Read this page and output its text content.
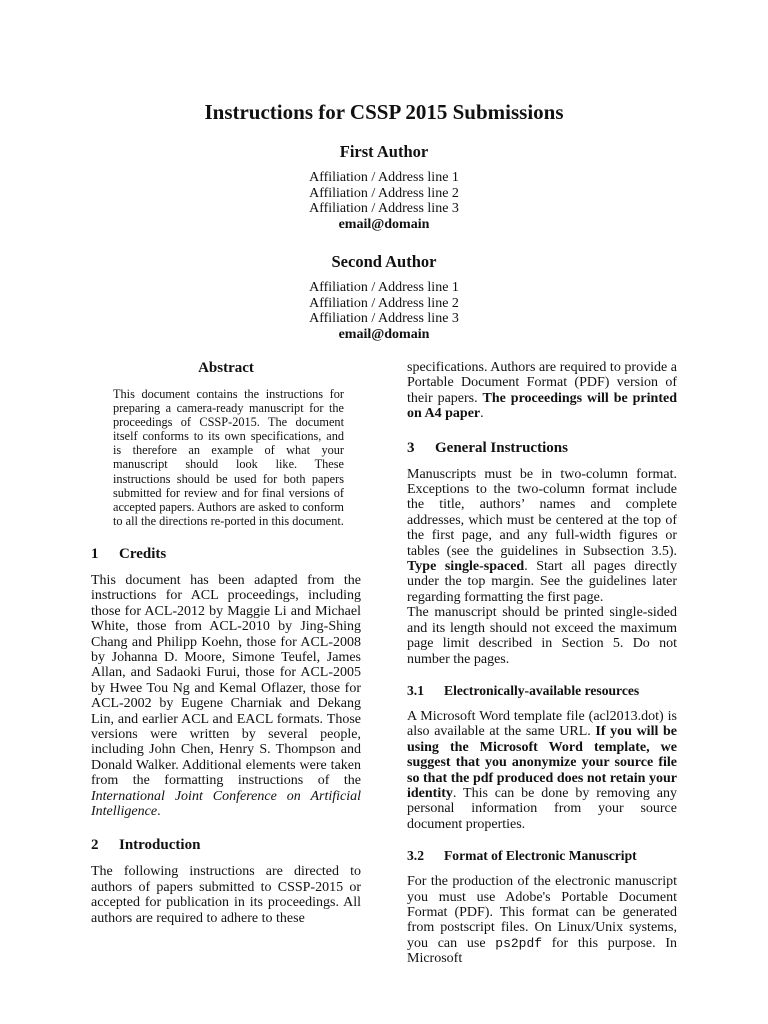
Instructions for CSSP 2015 Submissions
First Author
Affiliation / Address line 1
Affiliation / Address line 2
Affiliation / Address line 3
email@domain
Second Author
Affiliation / Address line 1
Affiliation / Address line 2
Affiliation / Address line 3
email@domain
Abstract

This document contains the instructions for preparing a camera-ready manuscript for the proceedings of CSSP-2015. The document itself conforms to its own specifications, and is therefore an example of what your manuscript should look like. These instructions should be used for both papers submitted for review and for final versions of accepted papers. Authors are asked to conform to all the directions re-ported in this document.

1 Credits

This document has been adapted from the instructions for ACL proceedings, including those for ACL-2012 by Maggie Li and Michael White, those from ACL-2010 by Jing-Shing Chang and Philipp Koehn, those for ACL-2008 by Johanna D. Moore, Simone Teufel, James Allan, and Sadaoki Furui, those for ACL-2005 by Hwee Tou Ng and Kemal Oflazer, those for ACL-2002 by Eugene Charniak and Dekang Lin, and earlier ACL and EACL formats. Those versions were written by several people, including John Chen, Henry S. Thompson and Donald Walker. Additional elements were taken from the formatting instructions of the International Joint Conference on Artificial Intelligence.

2 Introduction

The following instructions are directed to authors of papers submitted to CSSP-2015 or accepted for publication in its proceedings. All authors are required to adhere to these

specifications. Authors are required to provide a Portable Document Format (PDF) version of their papers. The proceedings will be printed on A4 paper.

3 General Instructions

Manuscripts must be in two-column format. Exceptions to the two-column format include the title, authors’ names and complete addresses, which must be centered at the top of the first page, and any full-width figures or tables (see the guidelines in Subsection 3.5). Type single-spaced. Start all pages directly under the top margin. See the guidelines later regarding formatting the first page.

The manuscript should be printed single-sided and its length should not exceed the maximum page limit described in Section 5. Do not number the pages.

3.1 Electronically-available resources

A Microsoft Word template file (acl2013.dot) is also available at the same URL. If you will be using the Microsoft Word template, we suggest that you anonymize your source file so that the pdf produced does not retain your identity. This can be done by removing any personal information from your source document properties.

3.2 Format of Electronic Manuscript

For the production of the electronic manuscript you must use Adobe's Portable Document Format (PDF). This format can be generated from postscript files. On Linux/Unix systems, you can use ps2pdf for this purpose. In Microsoft
